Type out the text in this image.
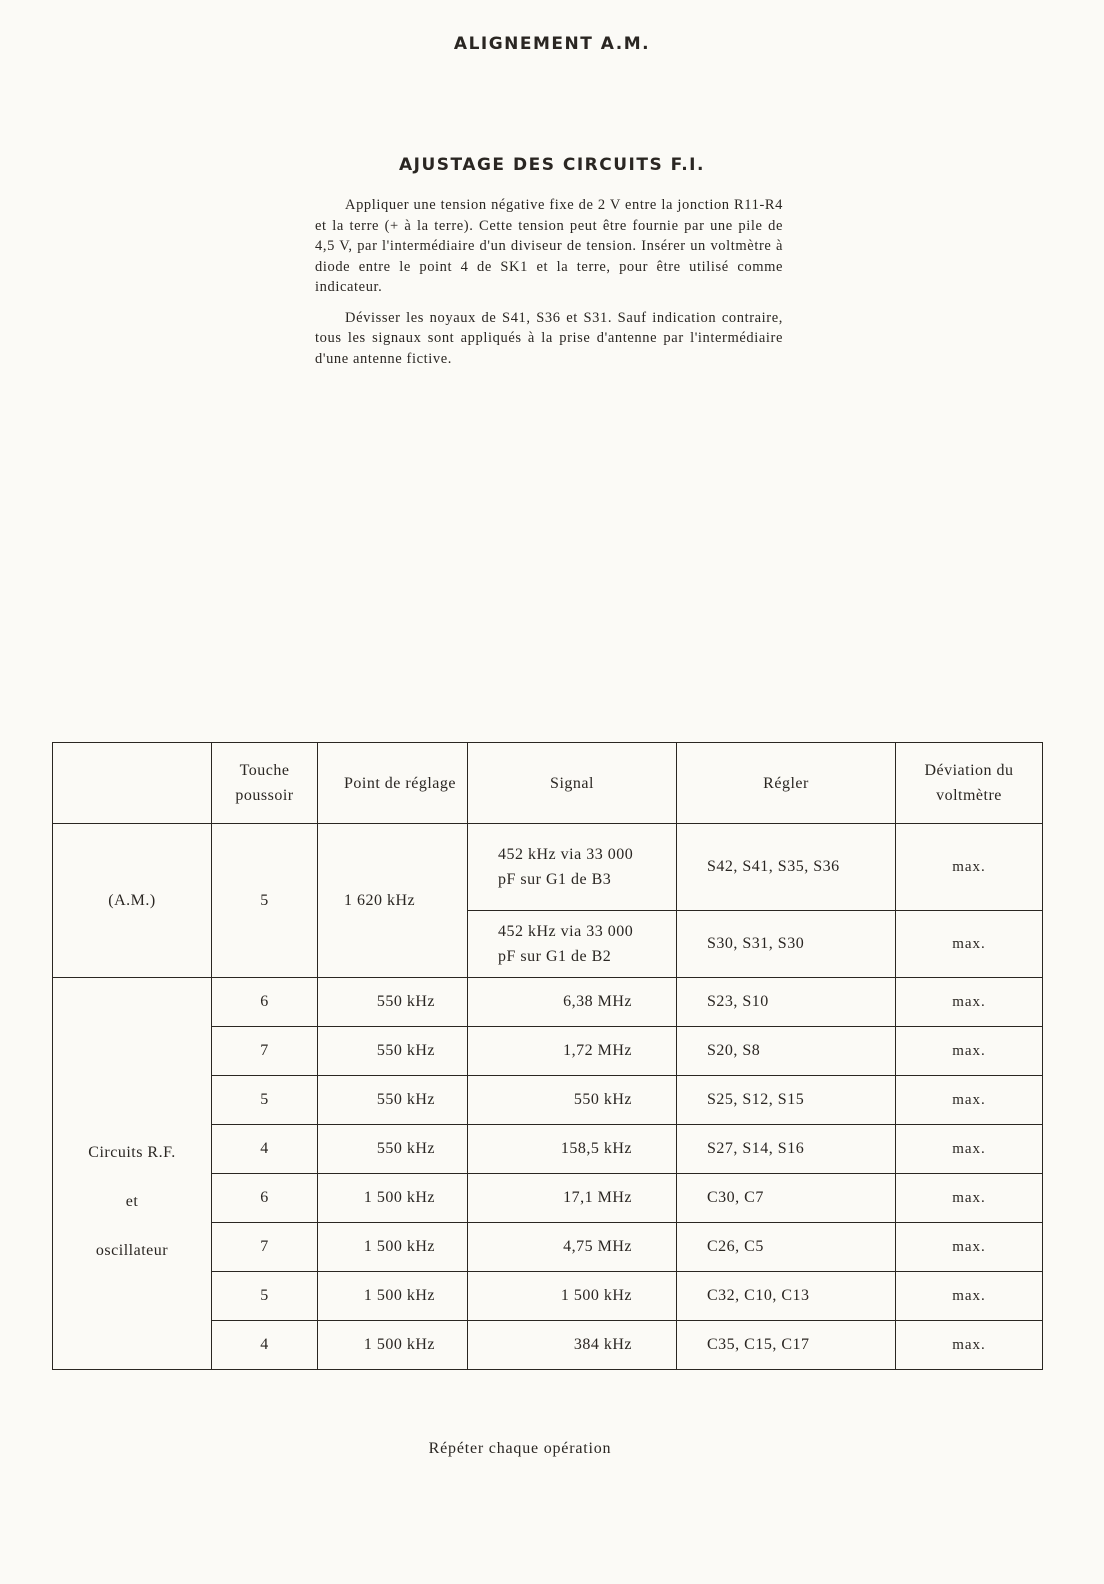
ALIGNEMENT A.M.
AJUSTAGE DES CIRCUITS F.I.

Appliquer une tension négative fixe de 2 V entre la jonction R11-R4 et la terre (+ à la terre). Cette tension peut être fournie par une pile de 4,5 V, par l'intermédiaire d'un diviseur de tension. Insérer un voltmètre à diode entre le point 4 de SK1 et la terre, pour être utilisé comme indicateur.

Dévisser les noyaux de S41, S36 et S31. Sauf indication contraire, tous les signaux sont appliqués à la prise d'antenne par l'intermédiaire d'une antenne fictive.

	Touche poussoir	Point de réglage	Signal	Régler	Déviation du voltmètre
(A.M.)	5	1 620 kHz	452 kHz via 33 000
pF sur G1 de B3	S42, S41, S35, S36	max.
			452 kHz via 33 000
pF sur G1 de B2	S30, S31, S30	max.
Circuits R.F.
et
oscillateur	6	550 kHz	6,38 MHz	S23, S10	max.
	7	550 kHz	1,72 MHz	S20, S8	max.
	5	550 kHz	550 kHz	S25, S12, S15	max.
	4	550 kHz	158,5 kHz	S27, S14, S16	max.
	6	1 500 kHz	17,1 MHz	C30, C7	max.
	7	1 500 kHz	4,75 MHz	C26, C5	max.
	5	1 500 kHz	1 500 kHz	C32, C10, C13	max.
	4	1 500 kHz	384 kHz	C35, C15, C17	max.
Répéter chaque opération
